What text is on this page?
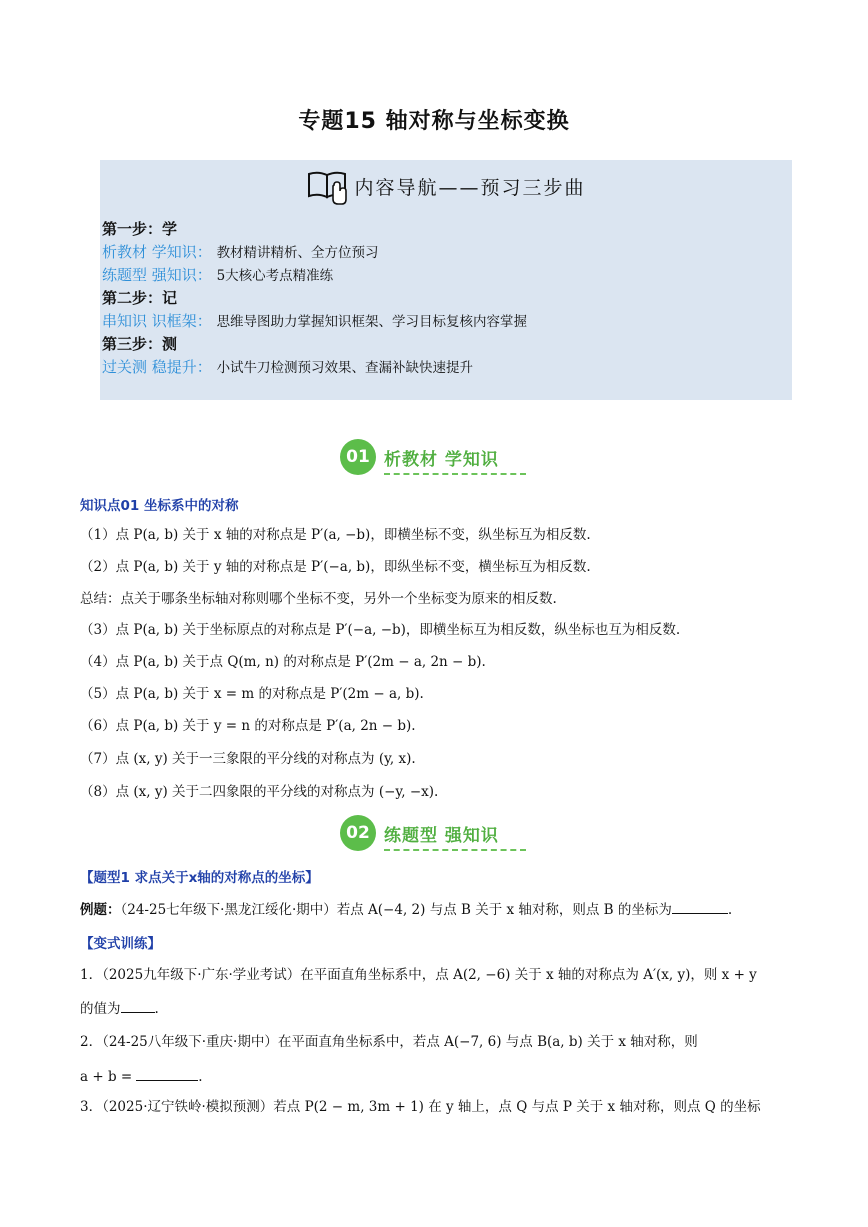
专题15 轴对称与坐标变换
内容导航——预习三步曲
第一步：学
析教材 学知识： 教材精讲精析、全方位预习
练题型 强知识： 5大核心考点精准练
第二步：记
串知识 识框架： 思维导图助力掌握知识框架、学习目标复核内容掌握
第三步：测
过关测 稳提升： 小试牛刀检测预习效果、查漏补缺快速提升
01 析教材 学知识
知识点01 坐标系中的对称
（1）点 P(a, b) 关于 x 轴的对称点是 P′(a, −b)，即横坐标不变，纵坐标互为相反数.
（2）点 P(a, b) 关于 y 轴的对称点是 P′(−a, b)，即纵坐标不变，横坐标互为相反数.
总结：点关于哪条坐标轴对称则哪个坐标不变，另外一个坐标变为原来的相反数.
（3）点 P(a, b) 关于坐标原点的对称点是 P′(−a, −b)，即横坐标互为相反数，纵坐标也互为相反数.
（4）点 P(a, b) 关于点 Q(m, n) 的对称点是 P′(2m − a, 2n − b).
（5）点 P(a, b) 关于 x = m 的对称点是 P′(2m − a, b).
（6）点 P(a, b) 关于 y = n 的对称点是 P′(a, 2n − b).
（7）点 (x, y) 关于一三象限的平分线的对称点为 (y, x).
（8）点 (x, y) 关于二四象限的平分线的对称点为 (−y, −x).
02 练题型 强知识
【题型1 求点关于x轴的对称点的坐标】
例题：（24-25七年级下·黑龙江绥化·期中）若点 A(−4, 2) 与点 B 关于 x 轴对称，则点 B 的坐标为	.
【变式训练】
1．（2025九年级下·广东·学业考试）在平面直角坐标系中，点 A(2, −6) 关于 x 轴的对称点为 A′(x, y)，则 x + y
的值为	.
2．（24-25八年级下·重庆·期中）在平面直角坐标系中，若点 A(−7, 6) 与点 B(a, b) 关于 x 轴对称，则
a + b =	.
3．（2025·辽宁铁岭·模拟预测）若点 P(2 − m, 3m + 1) 在 y 轴上，点 Q 与点 P 关于 x 轴对称，则点 Q 的坐标
